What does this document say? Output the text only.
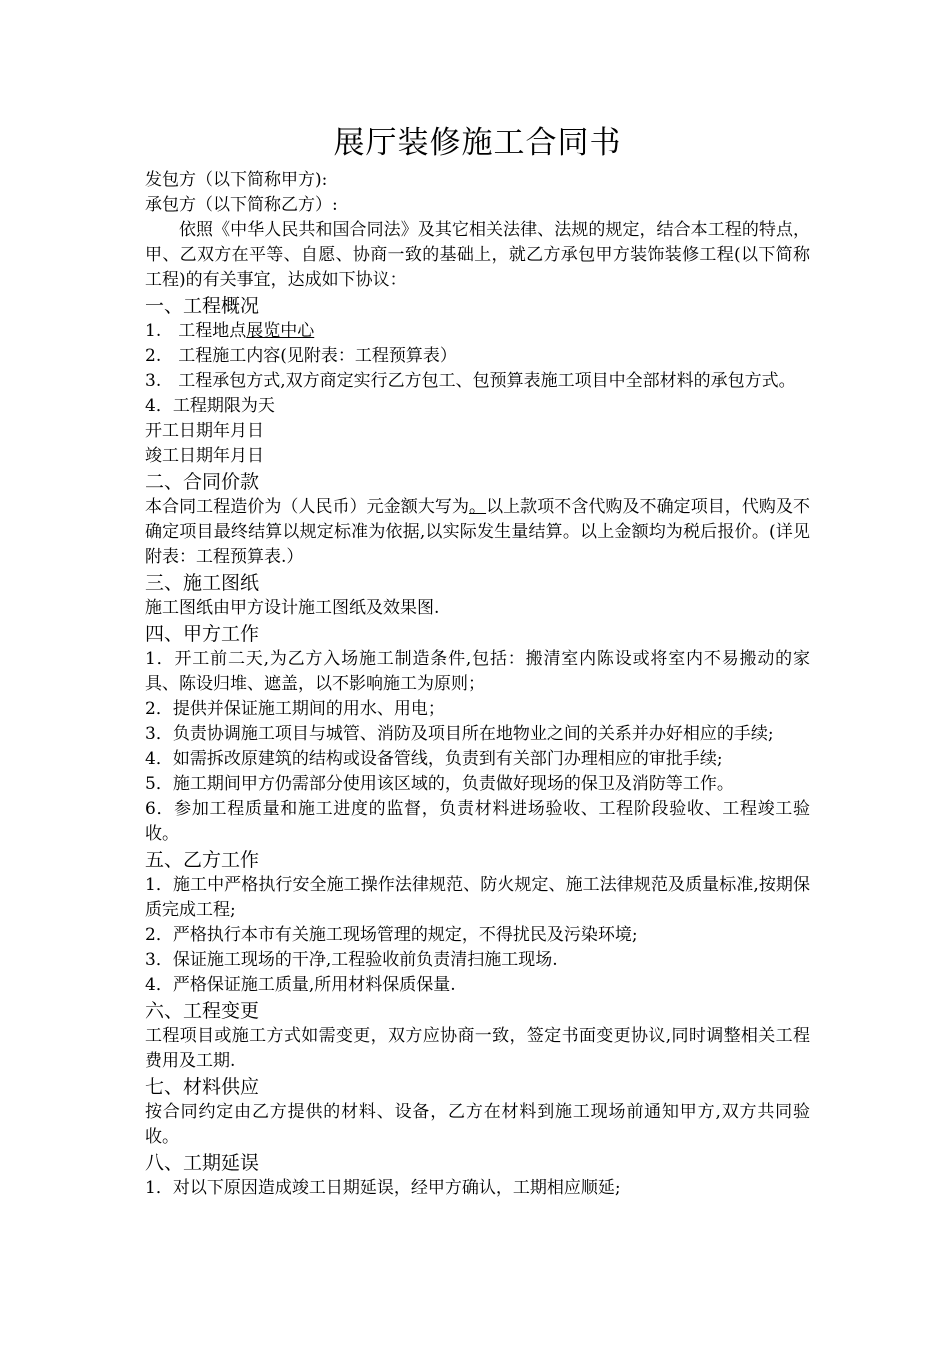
展厅装修施工合同书

发包方（以下简称甲方):

承包方（以下简称乙方）:

依照《中华人民共和国合同法》及其它相关法律、法规的规定，结合本工程的特点，甲、乙双方在平等、自愿、协商一致的基础上，就乙方承包甲方装饰装修工程(以下简称工程)的有关事宜，达成如下协议：

一、工程概况

1.　工程地点展览中心

2.　工程施工内容(见附表：工程预算表）

3.　工程承包方式,双方商定实行乙方包工、包预算表施工项目中全部材料的承包方式。

4．工程期限为天

开工日期年月日

竣工日期年月日

二、合同价款

本合同工程造价为（人民币）元金额大写为。以上款项不含代购及不确定项目，代购及不确定项目最终结算以规定标准为依据,以实际发生量结算。以上金额均为税后报价。(详见附表：工程预算表.）

三、施工图纸

施工图纸由甲方设计施工图纸及效果图.

四、甲方工作

1．开工前二天,为乙方入场施工制造条件,包括：搬清室内陈设或将室内不易搬动的家具、陈设归堆、遮盖，以不影响施工为原则；

2．提供并保证施工期间的用水、用电；

3．负责协调施工项目与城管、消防及项目所在地物业之间的关系并办好相应的手续;

4．如需拆改原建筑的结构或设备管线，负责到有关部门办理相应的审批手续;

5．施工期间甲方仍需部分使用该区域的，负责做好现场的保卫及消防等工作。

6．参加工程质量和施工进度的监督，负责材料进场验收、工程阶段验收、工程竣工验收。

五、乙方工作

1．施工中严格执行安全施工操作法律规范、防火规定、施工法律规范及质量标准,按期保质完成工程;

2．严格执行本市有关施工现场管理的规定，不得扰民及污染环境;

3．保证施工现场的干净,工程验收前负责清扫施工现场.

4．严格保证施工质量,所用材料保质保量.

六、工程变更

工程项目或施工方式如需变更，双方应协商一致，签定书面变更协议,同时调整相关工程费用及工期.

七、材料供应

按合同约定由乙方提供的材料、设备，乙方在材料到施工现场前通知甲方,双方共同验收。

八、工期延误

1．对以下原因造成竣工日期延误，经甲方确认，工期相应顺延;
